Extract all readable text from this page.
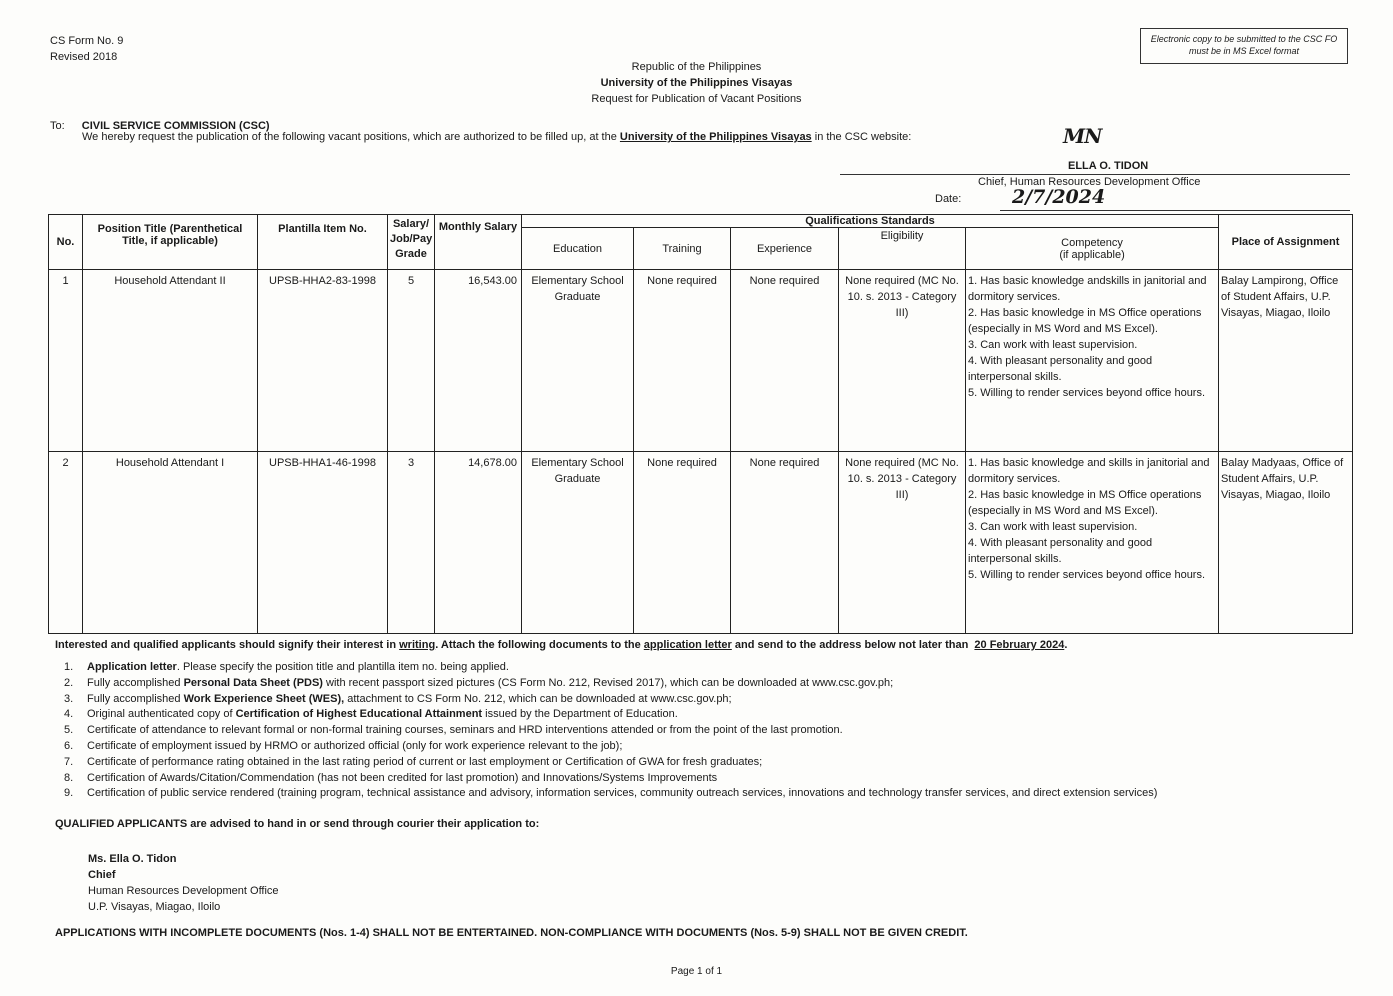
CS Form No. 9
Revised 2018
Electronic copy to be submitted to the CSC FO
must be in MS Excel format
Republic of the Philippines
University of the Philippines Visayas
Request for Publication of Vacant Positions
To: CIVIL SERVICE COMMISSION (CSC)
We hereby request the publication of the following vacant positions, which are authorized to be filled up, at the University of the Philippines Visayas in the CSC website:	MN
ELLA O. TIDON
Chief, Human Resources Development Office
Date:	2/7/2024
No.	Position Title (Parenthetical Title, if applicable)	Plantilla Item No.	Salary/ Job/Pay Grade	Monthly Salary	Qualifications Standards					Place of Assignment
					Education	Training	Experience	Eligibility	Competency
(if applicable)	

1	Household Attendant II	UPSB-HHA2-83-1998	5	16,543.00	Elementary School Graduate	None required	None required	None required (MC No. 10. s. 2013 - Category III)	1. Has basic knowledge andskills in janitorial and dormitory services.
2. Has basic knowledge in MS Office operations (especially in MS Word and MS Excel).
3. Can work with least supervision.
4. With pleasant personality and good interpersonal skills.
5. Willing to render services beyond office hours.	Balay Lampirong, Office of Student Affairs, U.P. Visayas, Miagao, Iloilo
2	Household Attendant I	UPSB-HHA1-46-1998	3	14,678.00	Elementary School Graduate	None required	None required	None required (MC No. 10. s. 2013 - Category III)	1. Has basic knowledge and skills in janitorial and dormitory services.
2. Has basic knowledge in MS Office operations (especially in MS Word and MS Excel).
3. Can work with least supervision.
4. With pleasant personality and good interpersonal skills.
5. Willing to render services beyond office hours.	Balay Madyaas, Office of Student Affairs, U.P. Visayas, Miagao, Iloilo
Interested and qualified applicants should signify their interest in writing. Attach the following documents to the application letter and send to the address below not later than 20 February 2024.
1. Application letter. Please specify the position title and plantilla item no. being applied.
2. Fully accomplished Personal Data Sheet (PDS) with recent passport sized pictures (CS Form No. 212, Revised 2017), which can be downloaded at www.csc.gov.ph;
3. Fully accomplished Work Experience Sheet (WES), attachment to CS Form No. 212, which can be downloaded at www.csc.gov.ph;
4. Original authenticated copy of Certification of Highest Educational Attainment issued by the Department of Education.
5. Certificate of attendance to relevant formal or non-formal training courses, seminars and HRD interventions attended or from the point of the last promotion.
6. Certificate of employment issued by HRMO or authorized official (only for work experience relevant to the job);
7. Certificate of performance rating obtained in the last rating period of current or last employment or Certification of GWA for fresh graduates;
8. Certification of Awards/Citation/Commendation (has not been credited for last promotion) and Innovations/Systems Improvements
9. Certification of public service rendered (training program, technical assistance and advisory, information services, community outreach services, innovations and technology transfer services, and direct extension services)
QUALIFIED APPLICANTS are advised to hand in or send through courier their application to:
Ms. Ella O. Tidon
Chief
Human Resources Development Office
U.P. Visayas, Miagao, Iloilo
APPLICATIONS WITH INCOMPLETE DOCUMENTS (Nos. 1-4) SHALL NOT BE ENTERTAINED. NON-COMPLIANCE WITH DOCUMENTS (Nos. 5-9) SHALL NOT BE GIVEN CREDIT.
Page 1 of 1
